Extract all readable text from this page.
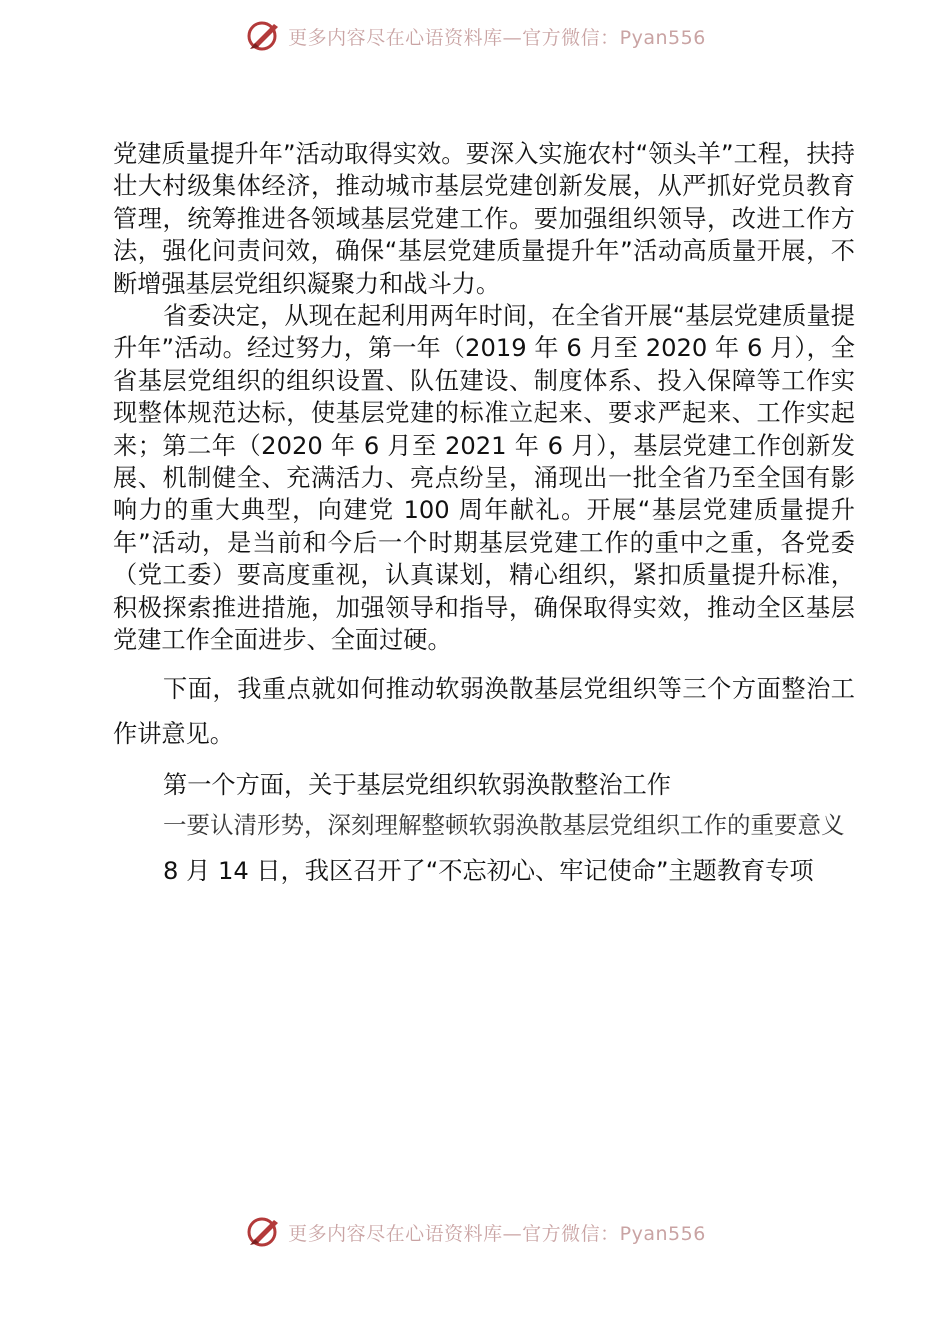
更多内容尽在心语资料库—官方微信：Pyan556

党建质量提升年”活动取得实效。要深入实施农村“领头羊”工程，扶持壮大村级集体经济，推动城市基层党建创新发展，从严抓好党员教育管理，统筹推进各领域基层党建工作。要加强组织领导，改进工作方法，强化问责问效，确保“基层党建质量提升年”活动高质量开展，不断增强基层党组织凝聚力和战斗力。

省委决定，从现在起利用两年时间，在全省开展“基层党建质量提升年”活动。经过努力，第一年（2019 年 6 月至 2020 年 6 月），全省基层党组织的组织设置、队伍建设、制度体系、投入保障等工作实现整体规范达标，使基层党建的标准立起来、要求严起来、工作实起来；第二年（2020 年 6 月至 2021 年 6 月），基层党建工作创新发展、机制健全、充满活力、亮点纷呈，涌现出一批全省乃至全国有影响力的重大典型，向建党 100 周年献礼。开展“基层党建质量提升年”活动，是当前和今后一个时期基层党建工作的重中之重，各党委（党工委）要高度重视，认真谋划，精心组织，紧扣质量提升标准，积极探索推进措施，加强领导和指导，确保取得实效，推动全区基层党建工作全面进步、全面过硬。

下面，我重点就如何推动软弱涣散基层党组织等三个方面整治工作讲意见。

第一个方面，关于基层党组织软弱涣散整治工作

一要认清形势，深刻理解整顿软弱涣散基层党组织工作的重要意义

8 月 14 日，我区召开了“不忘初心、牢记使命”主题教育专项

更多内容尽在心语资料库—官方微信：Pyan556
